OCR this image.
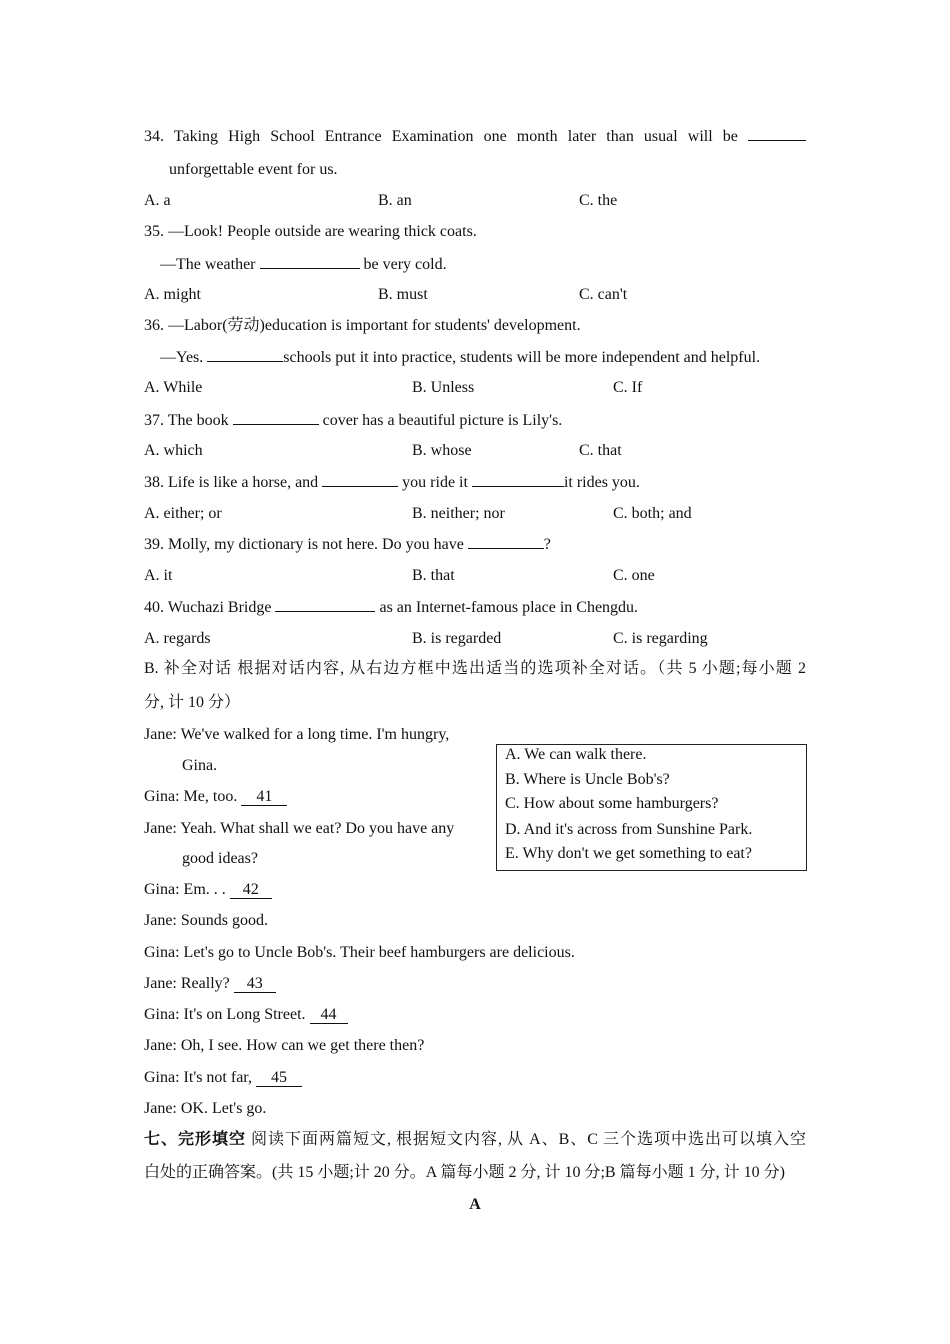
34. Taking High School Entrance Examination one month later than usual will be
unforgettable event for us.
A. a	B. an	C. the
35. —Look! People outside are wearing thick coats.
—The weather	be very cold.
A. might	B. must	C. can't
36. —Labor(劳动)education is important for students' development.
—Yes.	schools put it into practice, students will be more independent and helpful.
A. While	B. Unless	C. If
37. The book	cover has a beautiful picture is Lily's.
A. which	B. whose	C. that
38. Life is like a horse, and	you ride it	it rides you.
A. either; or	B. neither; nor	C. both; and
39. Molly, my dictionary is not here. Do you have	?
A. it	B. that	C. one
40. Wuchazi Bridge	as an Internet-famous place in Chengdu.
A. regards	B. is regarded	C. is regarding
B. 补全对话 根据对话内容, 从右边方框中选出适当的选项补全对话。（共 5 小题;每小题 2
分, 计 10 分）
Jane: We've walked for a long time. I'm hungry,
Gina.
Gina: Me, too. 41
Jane: Yeah. What shall we eat? Do you have any
good ideas?
Gina: Em. . . 42
Jane: Sounds good.
Gina: Let's go to Uncle Bob's. Their beef hamburgers are delicious.
Jane: Really? 43
Gina: It's on Long Street. 44
Jane: Oh, I see. How can we get there then?
Gina: It's not far, 45
Jane: OK. Let's go.
A. We can walk there.
B. Where is Uncle Bob's?
C. How about some hamburgers?
D. And it's across from Sunshine Park.
E. Why don't we get something to eat?
七、完形填空 阅读下面两篇短文, 根据短文内容, 从 A、B、C 三个选项中选出可以填入空
白处的正确答案。(共 15 小题;计 20 分。A 篇每小题 2 分, 计 10 分;B 篇每小题 1 分, 计 10 分)
A
